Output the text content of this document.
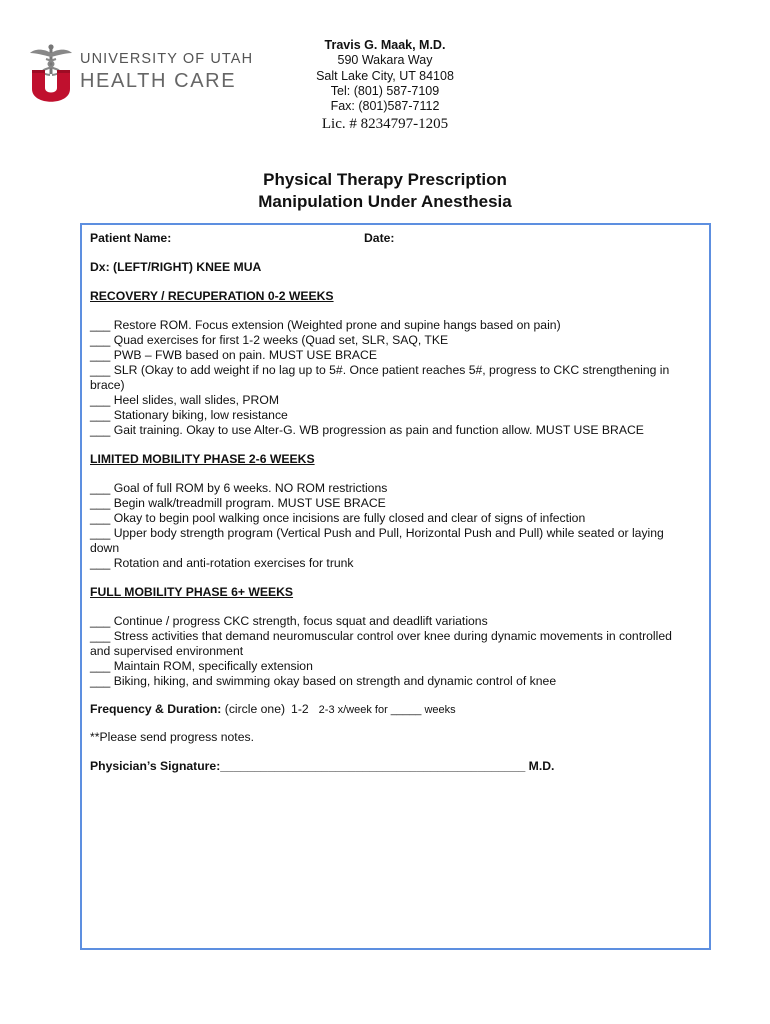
UNIVERSITY OF UTAH
HEALTH CARE
Travis G. Maak, M.D.
590 Wakara Way
Salt Lake City, UT 84108
Tel: (801) 587-7109
Fax: (801)587-7112
Lic. # 8234797-1205
Physical Therapy Prescription
Manipulation Under Anesthesia
Patient Name:	Date:
Dx: (LEFT/RIGHT) KNEE MUA
RECOVERY / RECUPERATION 0-2 WEEKS

___ Restore ROM. Focus extension (Weighted prone and supine hangs based on pain)

___ Quad exercises for first 1-2 weeks (Quad set, SLR, SAQ, TKE

___ PWB – FWB based on pain. MUST USE BRACE

___ SLR (Okay to add weight if no lag up to 5#. Once patient reaches 5#, progress to CKC strengthening in brace)

___ Heel slides, wall slides, PROM

___ Stationary biking, low resistance

___ Gait training. Okay to use Alter-G. WB progression as pain and function allow. MUST USE BRACE

LIMITED MOBILITY PHASE 2-6 WEEKS

___ Goal of full ROM by 6 weeks. NO ROM restrictions

___ Begin walk/treadmill program. MUST USE BRACE

___ Okay to begin pool walking once incisions are fully closed and clear of signs of infection

___ Upper body strength program (Vertical Push and Pull, Horizontal Push and Pull) while seated or laying down

___ Rotation and anti-rotation exercises for trunk

FULL MOBILITY PHASE 6+ WEEKS

___ Continue / progress CKC strength, focus squat and deadlift variations

___ Stress activities that demand neuromuscular control over knee during dynamic movements in controlled and supervised environment

___ Maintain ROM, specifically extension

___ Biking, hiking, and swimming okay based on strength and dynamic control of knee

Frequency & Duration: (circle one) 1-2 2-3 x/week for _____ weeks
**Please send progress notes.
Physician’s Signature:_____________________________________________ M.D.
